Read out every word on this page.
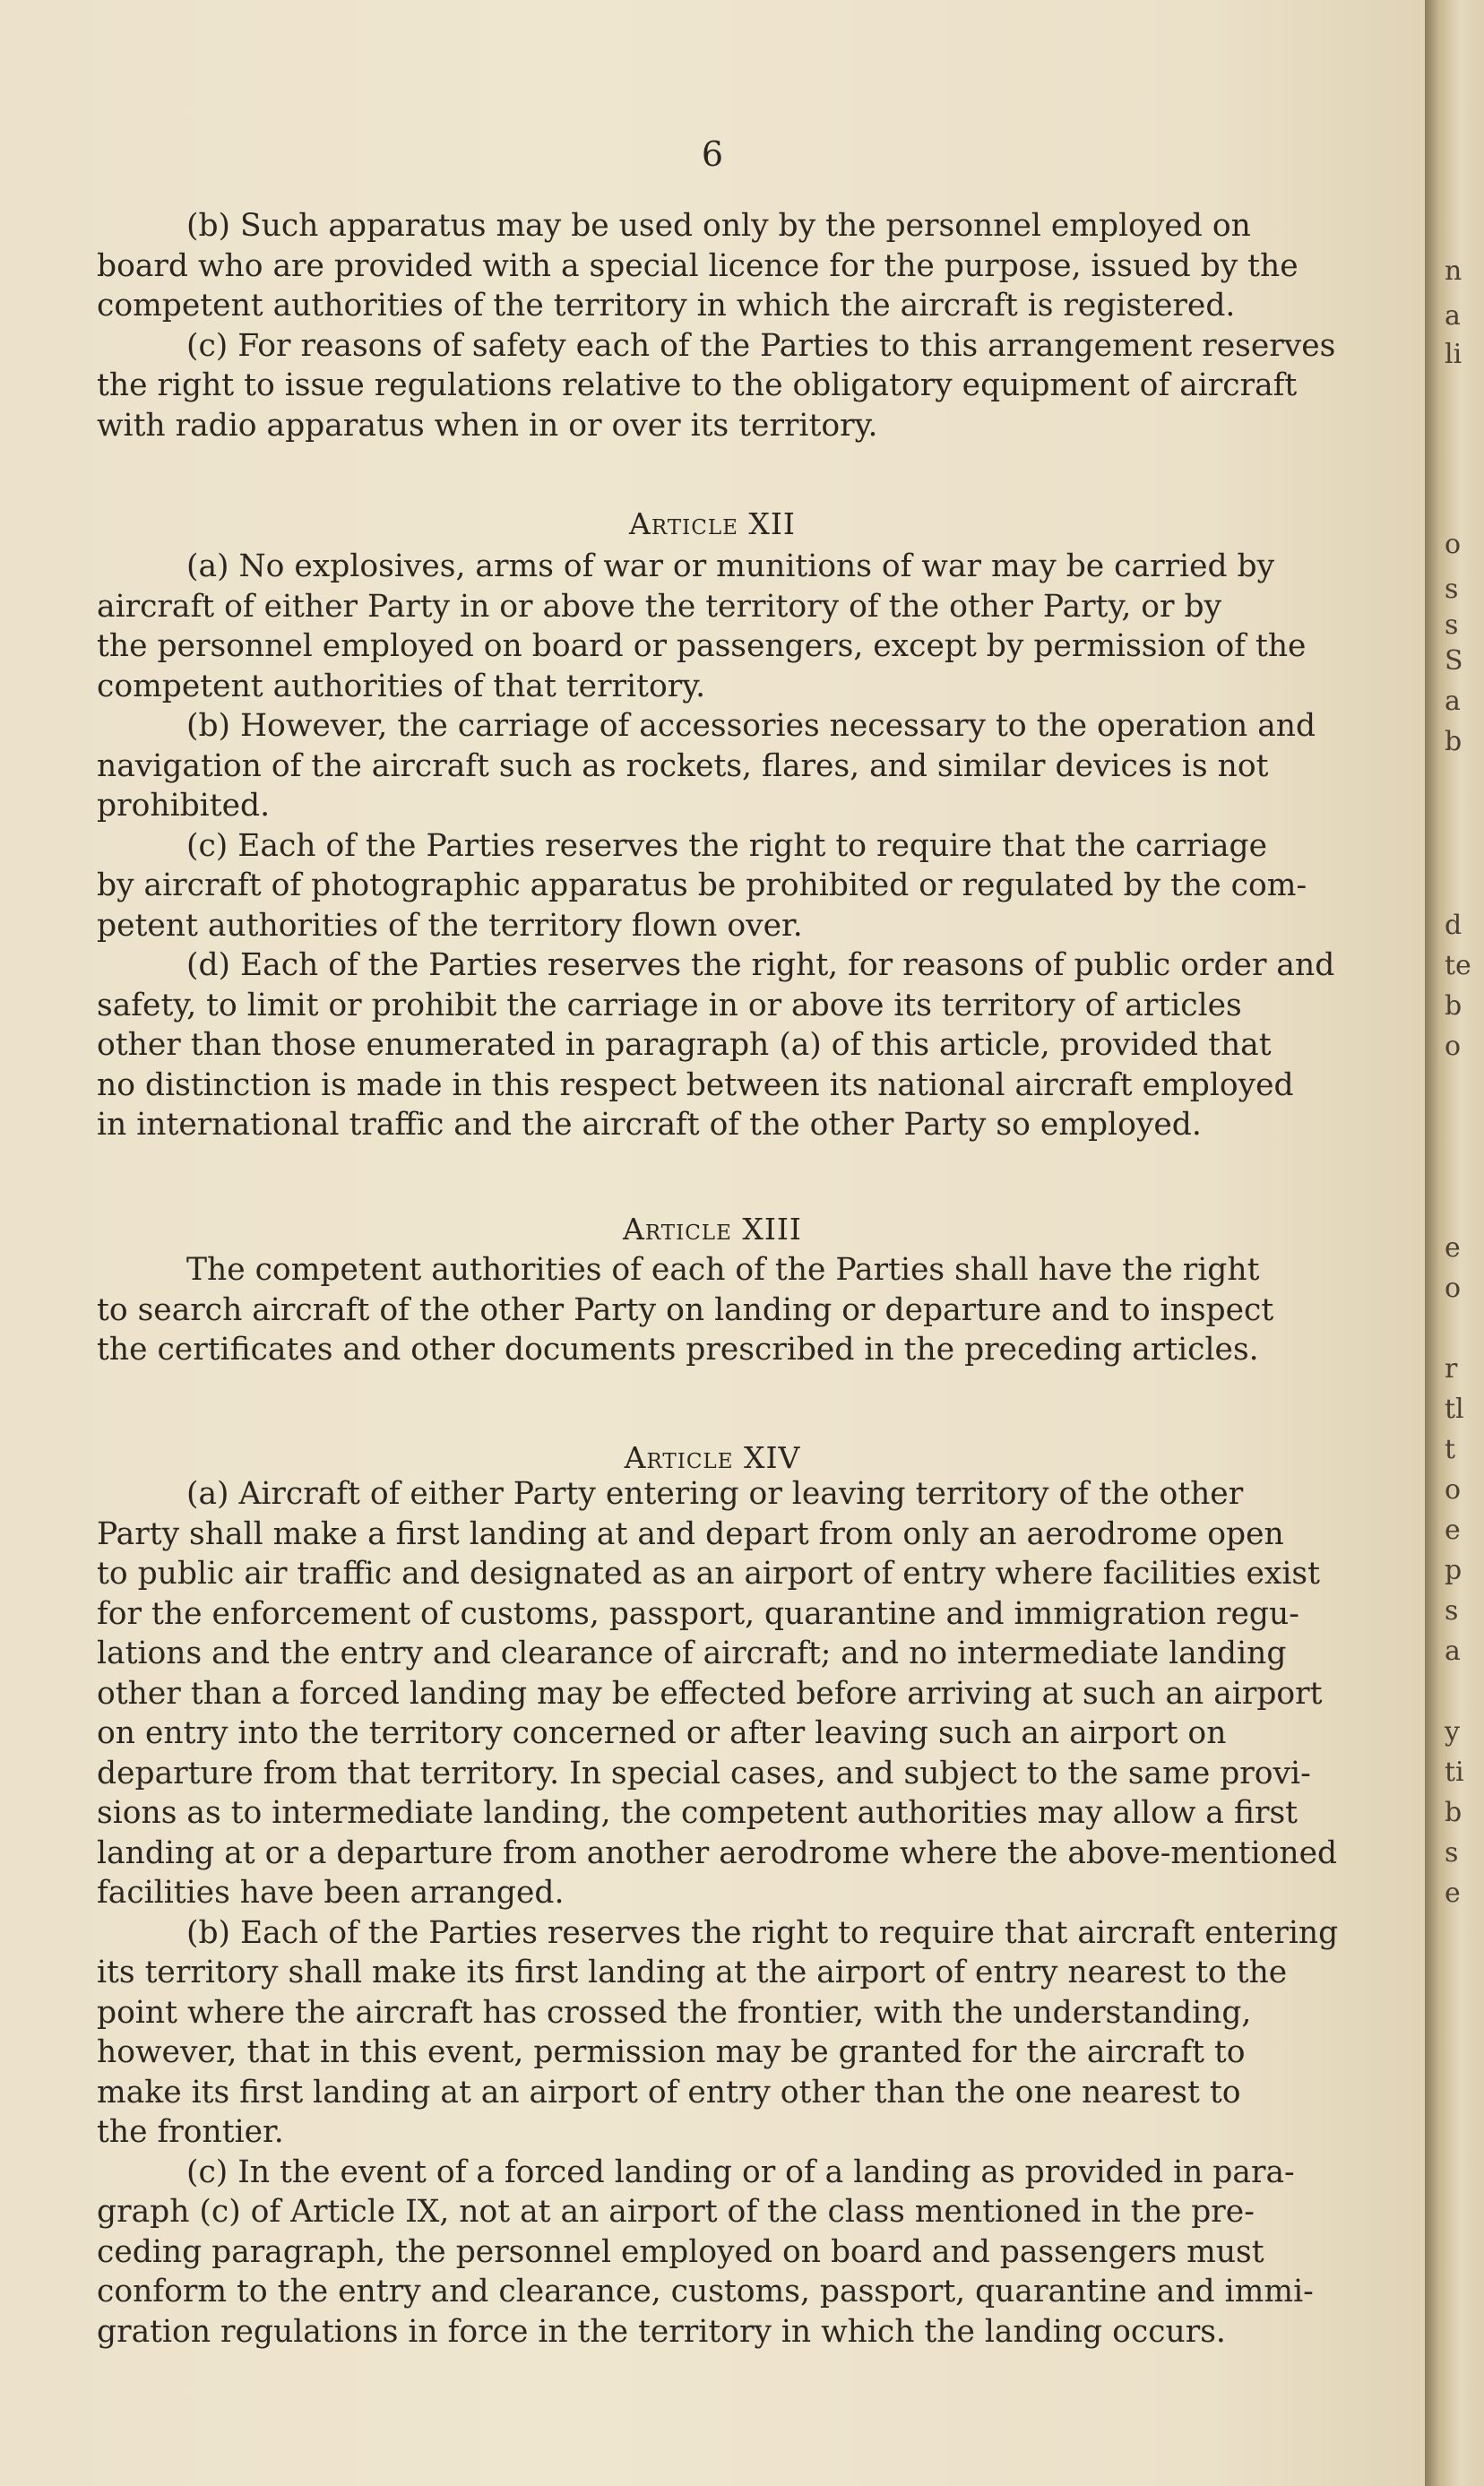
6
(b) Such apparatus may be used only by the personnel employed on
board who are provided with a special licence for the purpose, issued by the
competent authorities of the territory in which the aircraft is registered.
(c) For reasons of safety each of the Parties to this arrangement reserves
the right to issue regulations relative to the obligatory equipment of aircraft
with radio apparatus when in or over its territory.
Article XII
(a) No explosives, arms of war or munitions of war may be carried by
aircraft of either Party in or above the territory of the other Party, or by
the personnel employed on board or passengers, except by permission of the
competent authorities of that territory.
(b) However, the carriage of accessories necessary to the operation and
navigation of the aircraft such as rockets, flares, and similar devices is not
prohibited.
(c) Each of the Parties reserves the right to require that the carriage
by aircraft of photographic apparatus be prohibited or regulated by the com-
petent authorities of the territory flown over.
(d) Each of the Parties reserves the right, for reasons of public order and
safety, to limit or prohibit the carriage in or above its territory of articles
other than those enumerated in paragraph (a) of this article, provided that
no distinction is made in this respect between its national aircraft employed
in international traffic and the aircraft of the other Party so employed.
Article XIII
The competent authorities of each of the Parties shall have the right
to search aircraft of the other Party on landing or departure and to inspect
the certificates and other documents prescribed in the preceding articles.
Article XIV
(a) Aircraft of either Party entering or leaving territory of the other
Party shall make a first landing at and depart from only an aerodrome open
to public air traffic and designated as an airport of entry where facilities exist
for the enforcement of customs, passport, quarantine and immigration regu-
lations and the entry and clearance of aircraft; and no intermediate landing
other than a forced landing may be effected before arriving at such an airport
on entry into the territory concerned or after leaving such an airport on
departure from that territory. In special cases, and subject to the same provi-
sions as to intermediate landing, the competent authorities may allow a first
landing at or a departure from another aerodrome where the above-mentioned
facilities have been arranged.
(b) Each of the Parties reserves the right to require that aircraft entering
its territory shall make its first landing at the airport of entry nearest to the
point where the aircraft has crossed the frontier, with the understanding,
however, that in this event, permission may be granted for the aircraft to
make its first landing at an airport of entry other than the one nearest to
the frontier.
(c) In the event of a forced landing or of a landing as provided in para-
graph (c) of Article IX, not at an airport of the class mentioned in the pre-
ceding paragraph, the personnel employed on board and passengers must
conform to the entry and clearance, customs, passport, quarantine and immi-
gration regulations in force in the territory in which the landing occurs.
n
a
li
o
s
s
S
a
b
d
te
b
o
e
o
r
tl
t
o
e
p
s
a
y
ti
b
s
e
